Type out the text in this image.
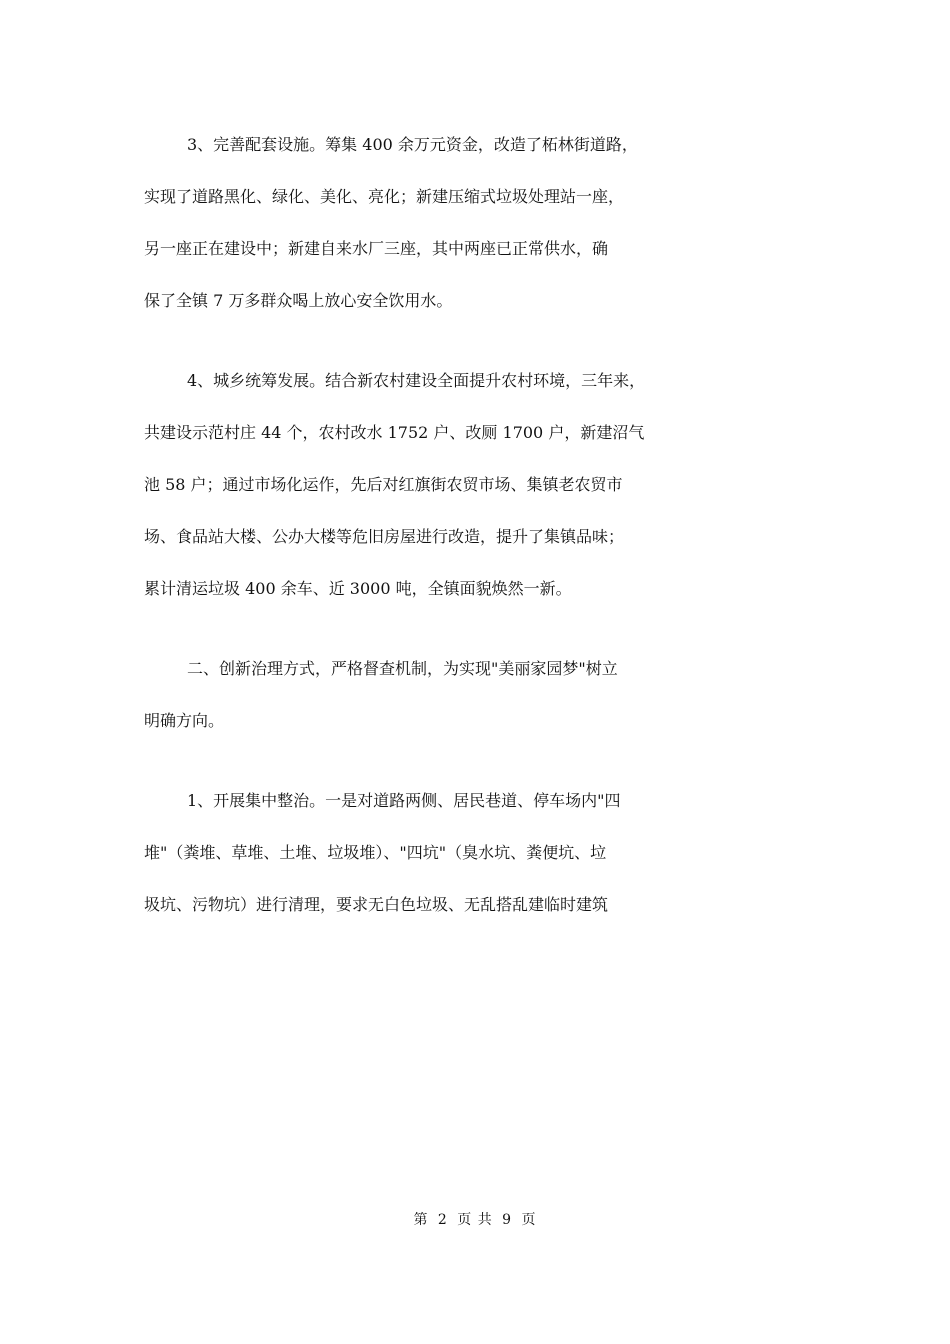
3、完善配套设施。筹集 400 余万元资金，改造了柘林街道路，
实现了道路黑化、绿化、美化、亮化；新建压缩式垃圾处理站一座，
另一座正在建设中；新建自来水厂三座，其中两座已正常供水，确
保了全镇 7 万多群众喝上放心安全饮用水。
4、城乡统筹发展。结合新农村建设全面提升农村环境，三年来，
共建设示范村庄 44 个，农村改水 1752 户、改厕 1700 户，新建沼气
池 58 户；通过市场化运作，先后对红旗街农贸市场、集镇老农贸市
场、食品站大楼、公办大楼等危旧房屋进行改造，提升了集镇品味；
累计清运垃圾 400 余车、近 3000 吨，全镇面貌焕然一新。
二、创新治理方式，严格督查机制，为实现"美丽家园梦"树立
明确方向。
1、开展集中整治。一是对道路两侧、居民巷道、停车场内"四
堆"（粪堆、草堆、土堆、垃圾堆）、"四坑"（臭水坑、粪便坑、垃
圾坑、污物坑）进行清理，要求无白色垃圾、无乱搭乱建临时建筑
第 2 页 共 9 页
